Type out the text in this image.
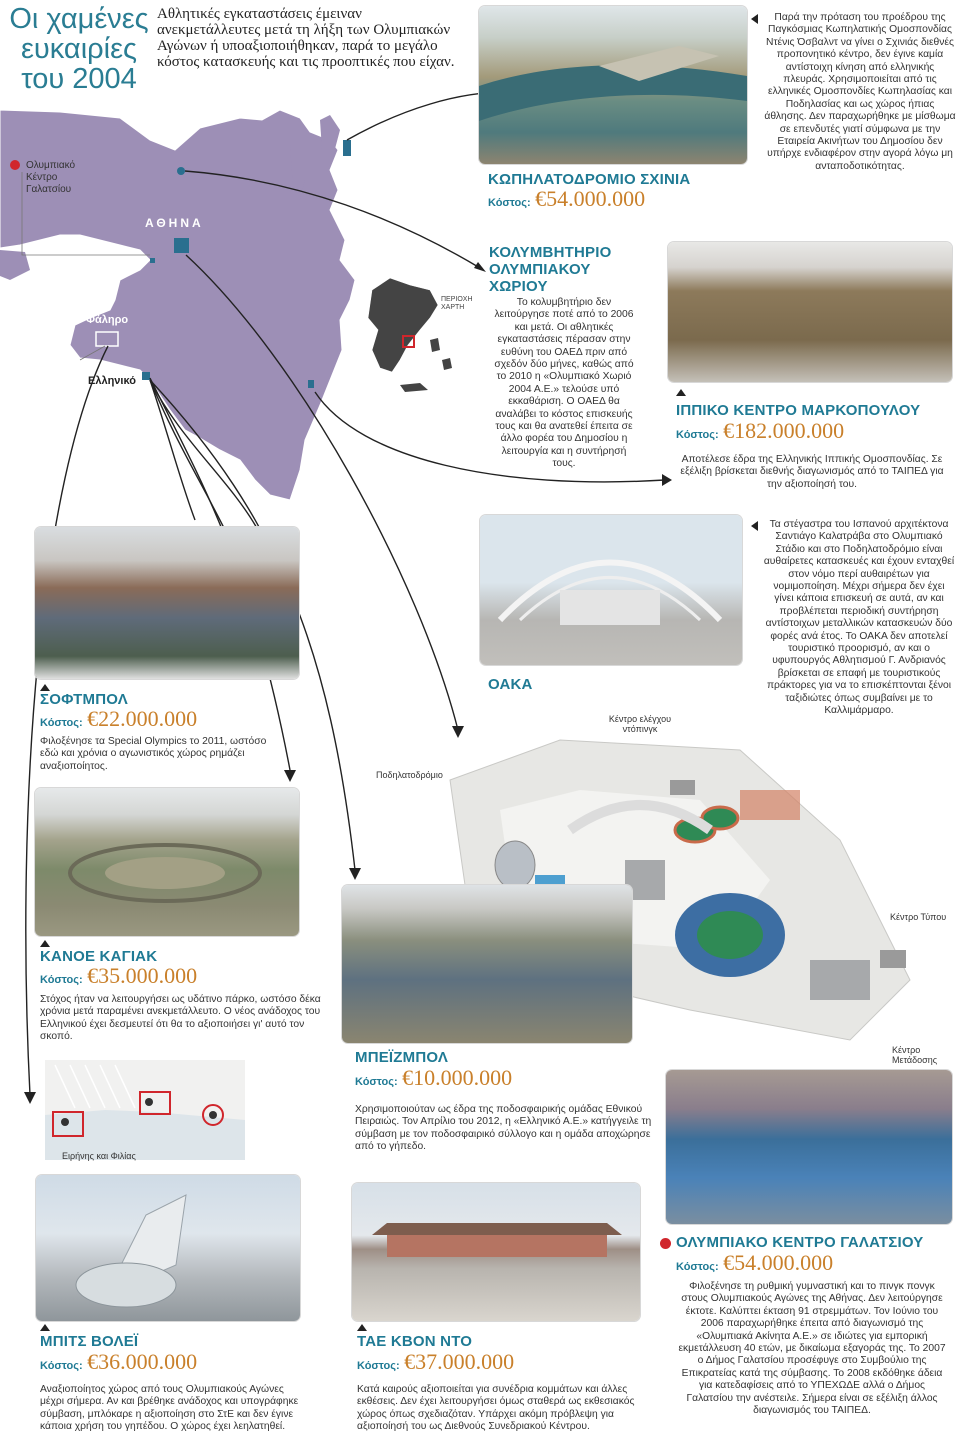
Οι χαμένες ευκαιρίες του 2004
Αθλητικές εγκαταστάσεις έμειναν ανεκμετάλλευτες μετά τη λήξη των Ολυμπιακών Αγώνων ή υποαξιοποιήθηκαν, παρά το μεγάλο κόστος κατασκευής και τις προοπτικές που είχαν.
Ολυμπιακό Κέντρο Γαλατσίου
ΑΘΗΝΑ
Φάληρο
Ελληνικό
ΠΕΡΙΟΧΗ ΧΑΡΤΗ
Παρά την πρόταση του προέδρου της Παγκόσμιας Κωπηλατικής Ομοσπονδίας Ντένις Όσβαλντ να γίνει ο Σχινιάς διεθνές προπονητικό κέντρο, δεν έγινε καμία αντίστοιχη κίνηση από ελληνικής πλευράς. Χρησιμοποιείται από τις ελληνικές Ομοσπονδίες Κωπηλασίας και Ποδηλασίας και ως χώρος ήπιας άθλησης. Δεν παραχωρήθηκε με μίσθωμα σε επενδυτές γιατί σύμφωνα με την Εταιρεία Ακινήτων του Δημοσίου δεν υπήρχε ενδιαφέρον στην αγορά λόγω μη ανταποδοτικότητας.
ΚΩΠΗΛΑΤΟΔΡΟΜΙΟ ΣΧΙΝΙΑ
Κόστος: €54.000.000
ΚΟΛΥΜΒΗΤΗΡΙΟ ΟΛΥΜΠΙΑΚΟΥ ΧΩΡΙΟΥ
Το κολυμβητήριο δεν λειτούργησε ποτέ από το 2006 και μετά. Οι αθλητικές εγκαταστάσεις πέρασαν στην ευθύνη του ΟΑΕΔ πριν από σχεδόν δύο μήνες, καθώς από το 2010 η «Ολυμπιακό Χωριό 2004 Α.Ε.» τελούσε υπό εκκαθάριση. Ο ΟΑΕΔ θα αναλάβει το κόστος επισκευής τους και θα ανατεθεί έπειτα σε άλλο φορέα του Δημοσίου η λειτουργία και η συντήρησή τους.
ΙΠΠΙΚΟ ΚΕΝΤΡΟ ΜΑΡΚΟΠΟΥΛΟΥ
Κόστος: €182.000.000
Αποτέλεσε έδρα της Ελληνικής Ιππικής Ομοσπονδίας. Σε εξέλιξη βρίσκεται διεθνής διαγωνισμός από το ΤΑΙΠΕΔ για την αξιοποίησή του.
ΣΟΦΤΜΠΟΛ
Κόστος: €22.000.000
Φιλοξένησε τα Special Olympics το 2011, ωστόσο εδώ και χρόνια ο αγωνιστικός χώρος ρημάζει αναξιοποίητος.
Τα στέγαστρα του Ισπανού αρχιτέκτονα Σαντιάγο Καλατράβα στο Ολυμπιακό Στάδιο και στο Ποδηλατοδρόμιο είναι αυθαίρετες κατασκευές και έχουν ενταχθεί στον νόμο περί αυθαιρέτων για νομιμοποίηση. Μέχρι σήμερα δεν έχει γίνει κάποια επισκευή σε αυτά, αν και προβλέπεται περιοδική συντήρηση αντίστοιχων μεταλλικών κατασκευών δύο φορές ανά έτος. Το ΟΑΚΑ δεν αποτελεί τουριστικό προορισμό, αν και ο υφυπουργός Αθλητισμού Γ. Ανδριανός βρίσκεται σε επαφή με τουριστικούς πράκτορες για να το επισκέπτονται ξένοι ταξιδιώτες όπως συμβαίνει με το Καλλιμάρμαρο.
ΟΑΚΑ
Κέντρο ελέγχου ντόπινγκ
Ποδηλατοδρόμιο
Κέντρο Τύπου
Κέντρο Μετάδοσης
ΚΑΝΟΕ ΚΑΓΙΑΚ
Κόστος: €35.000.000
Στόχος ήταν να λειτουργήσει ως υδάτινο πάρκο, ωστόσο δέκα χρόνια μετά παραμένει ανεκμετάλλευτο. Ο νέος ανάδοχος του Ελληνικού έχει δεσμευτεί ότι θα το αξιοποιήσει γι' αυτό τον σκοπό.
ΜΠΕΪΖΜΠΟΛ
Κόστος: €10.000.000
Χρησιμοποιούταν ως έδρα της ποδοσφαιρικής ομάδας Εθνικού Πειραιώς. Τον Απρίλιο του 2012, η «Ελληνικό Α.Ε.» κατήγγειλε τη σύμβαση με τον ποδοσφαιρικό σύλλογο και η ομάδα αποχώρησε από το γήπεδο.
Ειρήνης και Φιλίας
ΜΠΙΤΣ ΒΟΛΕΪ
Κόστος: €36.000.000
Αναξιοποίητος χώρος από τους Ολυμπιακούς Αγώνες μέχρι σήμερα. Αν και βρέθηκε ανάδοχος και υπογράφηκε σύμβαση, μπλόκαρε η αξιοποίηση στο ΣτΕ και δεν έγινε κάποια χρήση του γηπέδου. Ο χώρος έχει λεηλατηθεί.
ΤΑΕ ΚΒΟΝ ΝΤΟ
Κόστος: €37.000.000
Κατά καιρούς αξιοποιείται για συνέδρια κομμάτων και άλλες εκθέσεις. Δεν έχει λειτουργήσει όμως σταθερά ως εκθεσιακός χώρος όπως σχεδιαζόταν. Υπάρχει ακόμη πρόβλεψη για αξιοποίησή του ως Διεθνούς Συνεδριακού Κέντρου.
ΟΛΥΜΠΙΑΚΟ ΚΕΝΤΡΟ ΓΑΛΑΤΣΙΟΥ
Κόστος: €54.000.000
Φιλοξένησε τη ρυθμική γυμναστική και το πινγκ πονγκ στους Ολυμπιακούς Αγώνες της Αθήνας. Δεν λειτούργησε έκτοτε. Καλύπτει έκταση 91 στρεμμάτων. Τον Ιούνιο του 2006 παραχωρήθηκε έπειτα από διαγωνισμό της «Ολυμπιακά Ακίνητα Α.Ε.» σε ιδιώτες για εμπορική εκμετάλλευση 40 ετών, με δικαίωμα εξαγοράς της. Το 2007 ο Δήμος Γαλατσίου προσέφυγε στο Συμβούλιο της Επικρατείας κατά της σύμβασης. Το 2008 εκδόθηκε άδεια για κατεδαφίσεις από το ΥΠΕΧΩΔΕ αλλά ο Δήμος Γαλατσίου την ανέστειλε. Σήμερα είναι σε εξέλιξη άλλος διαγωνισμός του ΤΑΙΠΕΔ.
